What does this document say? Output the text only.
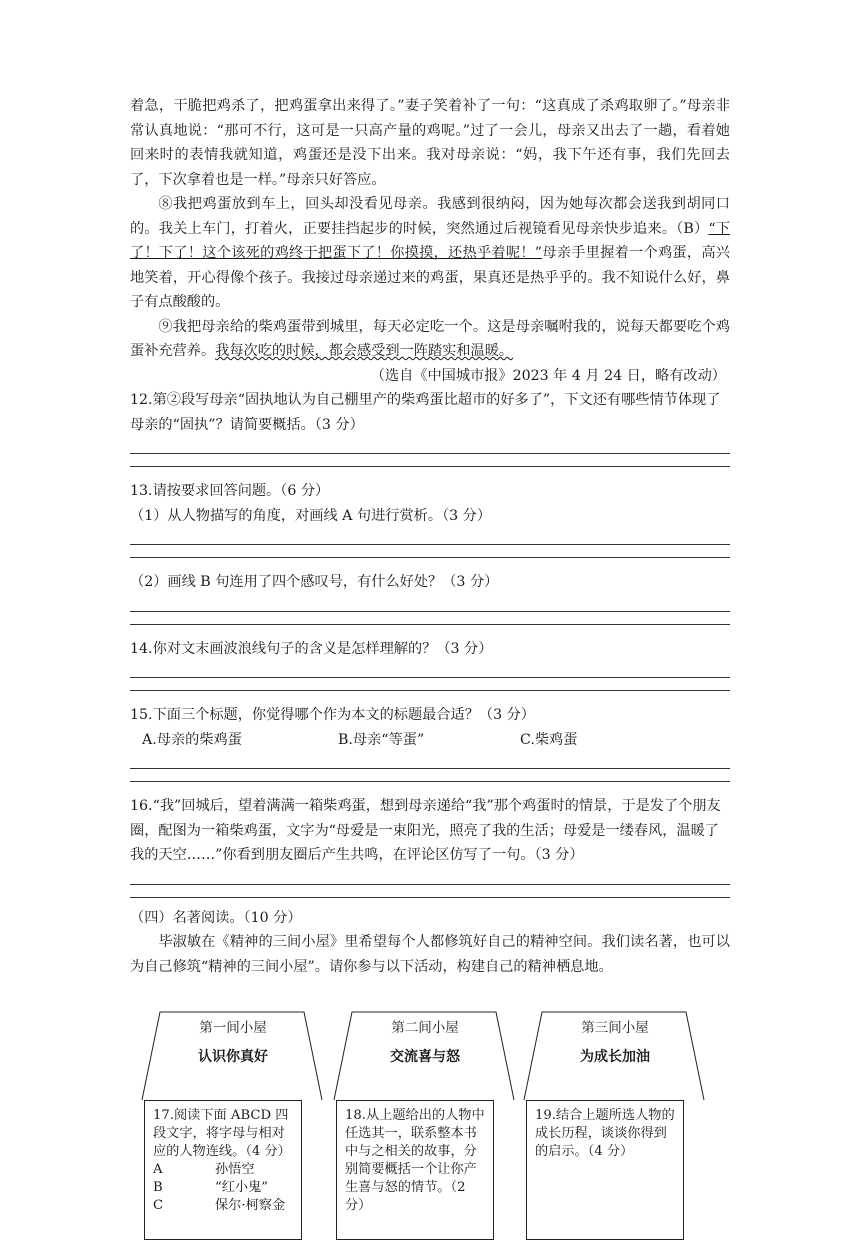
着急，干脆把鸡杀了，把鸡蛋拿出来得了。”妻子笑着补了一句：“这真成了杀鸡取卵了。”母亲非常认真地说：“那可不行，这可是一只高产量的鸡呢。”过了一会儿，母亲又出去了一趟，看着她回来时的表情我就知道，鸡蛋还是没下出来。我对母亲说：“妈，我下午还有事，我们先回去了，下次拿着也是一样。”母亲只好答应。

⑧我把鸡蛋放到车上，回头却没看见母亲。我感到很纳闷，因为她每次都会送我到胡同口的。我关上车门，打着火，正要挂挡起步的时候，突然通过后视镜看见母亲快步追来。（B）“下了！下了！这个该死的鸡终于把蛋下了！你摸摸，还热乎着呢！”母亲手里握着一个鸡蛋，高兴地笑着，开心得像个孩子。我接过母亲递过来的鸡蛋，果真还是热乎乎的。我不知说什么好，鼻子有点酸酸的。

⑨我把母亲给的柴鸡蛋带到城里，每天必定吃一个。这是母亲嘱咐我的，说每天都要吃个鸡蛋补充营养。我每次吃的时候，都会感受到一阵踏实和温暖。

（选自《中国城市报》2023 年 4 月 24 日，略有改动）

12.第②段写母亲“固执地认为自己棚里产的柴鸡蛋比超市的好多了”，下文还有哪些情节体现了母亲的“固执”？请简要概括。（3 分）

13.请按要求回答问题。（6 分）

（1）从人物描写的角度，对画线 A 句进行赏析。（3 分）

（2）画线 B 句连用了四个感叹号，有什么好处？（3 分）

14.你对文末画波浪线句子的含义是怎样理解的？（3 分）

15.下面三个标题，你觉得哪个作为本文的标题最合适？（3 分）

A.母亲的柴鸡蛋	B.母亲“等蛋”	C.柴鸡蛋

16.“我”回城后，望着满满一箱柴鸡蛋，想到母亲递给“我”那个鸡蛋时的情景，于是发了个朋友圈，配图为一箱柴鸡蛋，文字为“母爱是一束阳光，照亮了我的生活；母爱是一缕春风，温暖了我的天空……”你看到朋友圈后产生共鸣，在评论区仿写了一句。（3 分）

（四）名著阅读。（10 分）

毕淑敏在《精神的三间小屋》里希望每个人都修筑好自己的精神空间。我们读名著，也可以为自己修筑“精神的三间小屋”。请你参与以下活动，构建自己的精神栖息地。

第一间小屋
认识你真好
17.阅读下面 ABCD 四段文字，将字母与相对应的人物连线。（4 分）
A	孙悟空
B	“红小鬼”
C	保尔·柯察金
第二间小屋
交流喜与怒
18.从上题给出的人物中任选其一，联系整本书中与之相关的故事，分别简要概括一个让你产生喜与怒的情节。（2 分）
第三间小屋
为成长加油
19.结合上题所选人物的成长历程，谈谈你得到的启示。（4 分）
